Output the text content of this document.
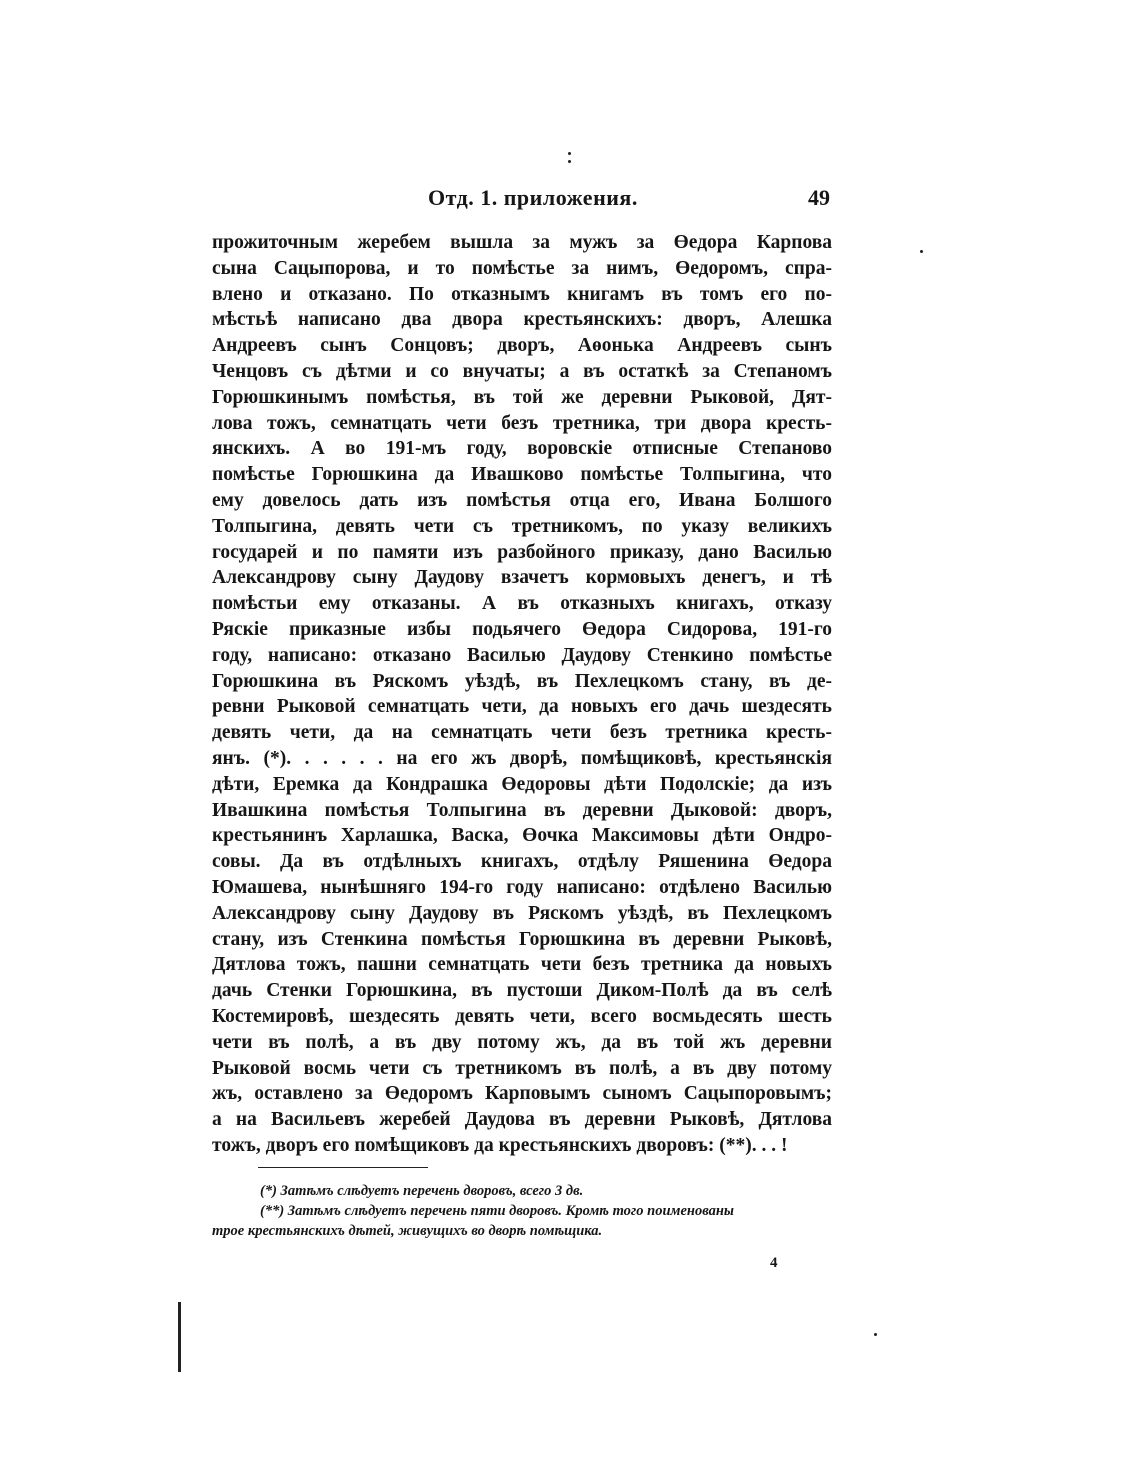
Отд. 1. приложения.	49
прожиточным жеребем вышла за мужъ за Өедора Карпова
сына Сацыпорова, и то помѣстье за нимъ, Өедоромъ, спра-
влено и отказано. По отказнымъ книгамъ въ томъ его по-
мѣстьѣ написано два двора крестьянскихъ: дворъ, Алешка
Андреевъ сынъ Сонцовъ; дворъ, Аөонька Андреевъ сынъ
Ченцовъ съ дѣтми и со внучаты; а въ остаткѣ за Степаномъ
Горюшкинымъ помѣстья, въ той же деревни Рыковой, Дят-
лова тожъ, семнатцать чети безъ третника, три двора кресть-
янскихъ. А во 191-мъ году, воровскіе отписные Степаново
помѣстье Горюшкина да Ивашково помѣстье Толпыгина, что
ему довелось дать изъ помѣстья отца его, Ивана Болшого
Толпыгина, девять чети съ третникомъ, по указу великихъ
государей и по памяти изъ разбойного приказу, дано Василью
Александрову сыну Даудову взачетъ кормовыхъ денегъ, и тѣ
помѣстьи ему отказаны. А въ отказныхъ книгахъ, отказу
Ряскіе приказные избы подьячего Өедора Сидорова, 191-го
году, написано: отказано Василью Даудову Стенкино помѣстье
Горюшкина въ Ряскомъ уѣздѣ, въ Пехлецкомъ стану, въ де-
ревни Рыковой семнатцать чети, да новыхъ его дачь шездесять
девять чети, да на семнатцать чети безъ третника кресть-
янъ. (*). . . . . . на его жъ дворѣ, помѣщиковѣ, крестьянскія
дѣти, Еремка да Кондрашка Өедоровы дѣти Подолскіе; да изъ
Ивашкина помѣстья Толпыгина въ деревни Дыковой: дворъ,
крестьянинъ Харлашка, Васка, Өочка Максимовы дѣти Ондро-
совы. Да въ отдѣлныхъ книгахъ, отдѣлу Ряшенина Өедора
Юмашева, нынѣшняго 194-го году написано: отдѣлено Василью
Александрову сыну Даудову въ Ряскомъ уѣздѣ, въ Пехлецкомъ
стану, изъ Стенкина помѣстья Горюшкина въ деревни Рыковѣ,
Дятлова тожъ, пашни семнатцать чети безъ третника да новыхъ
дачь Стенки Горюшкина, въ пустоши Диком-Полѣ да въ селѣ
Костемировѣ, шездесять девять чети, всего восмьдесять шесть
чети въ полѣ, а въ дву потому жъ, да въ той жъ деревни
Рыковой восмь чети съ третникомъ въ полѣ, а въ дву потому
жъ, оставлено за Өедоромъ Карповымъ сыномъ Сацыпоровымъ;
а на Васильевъ жеребей Даудова въ деревни Рыковѣ, Дятлова
тожъ, дворъ его помѣщиковъ да крестьянскихъ дворовъ: (**). . . !
(*) Затѣмъ слѣдуетъ перечень дворовъ, всего 3 дв.
(**) Затѣмъ слѣдуетъ перечень пяти дворовъ. Кромѣ того поименованы
трое крестьянскихъ дѣтей, живущихъ во дворѣ помѣщика.
4
